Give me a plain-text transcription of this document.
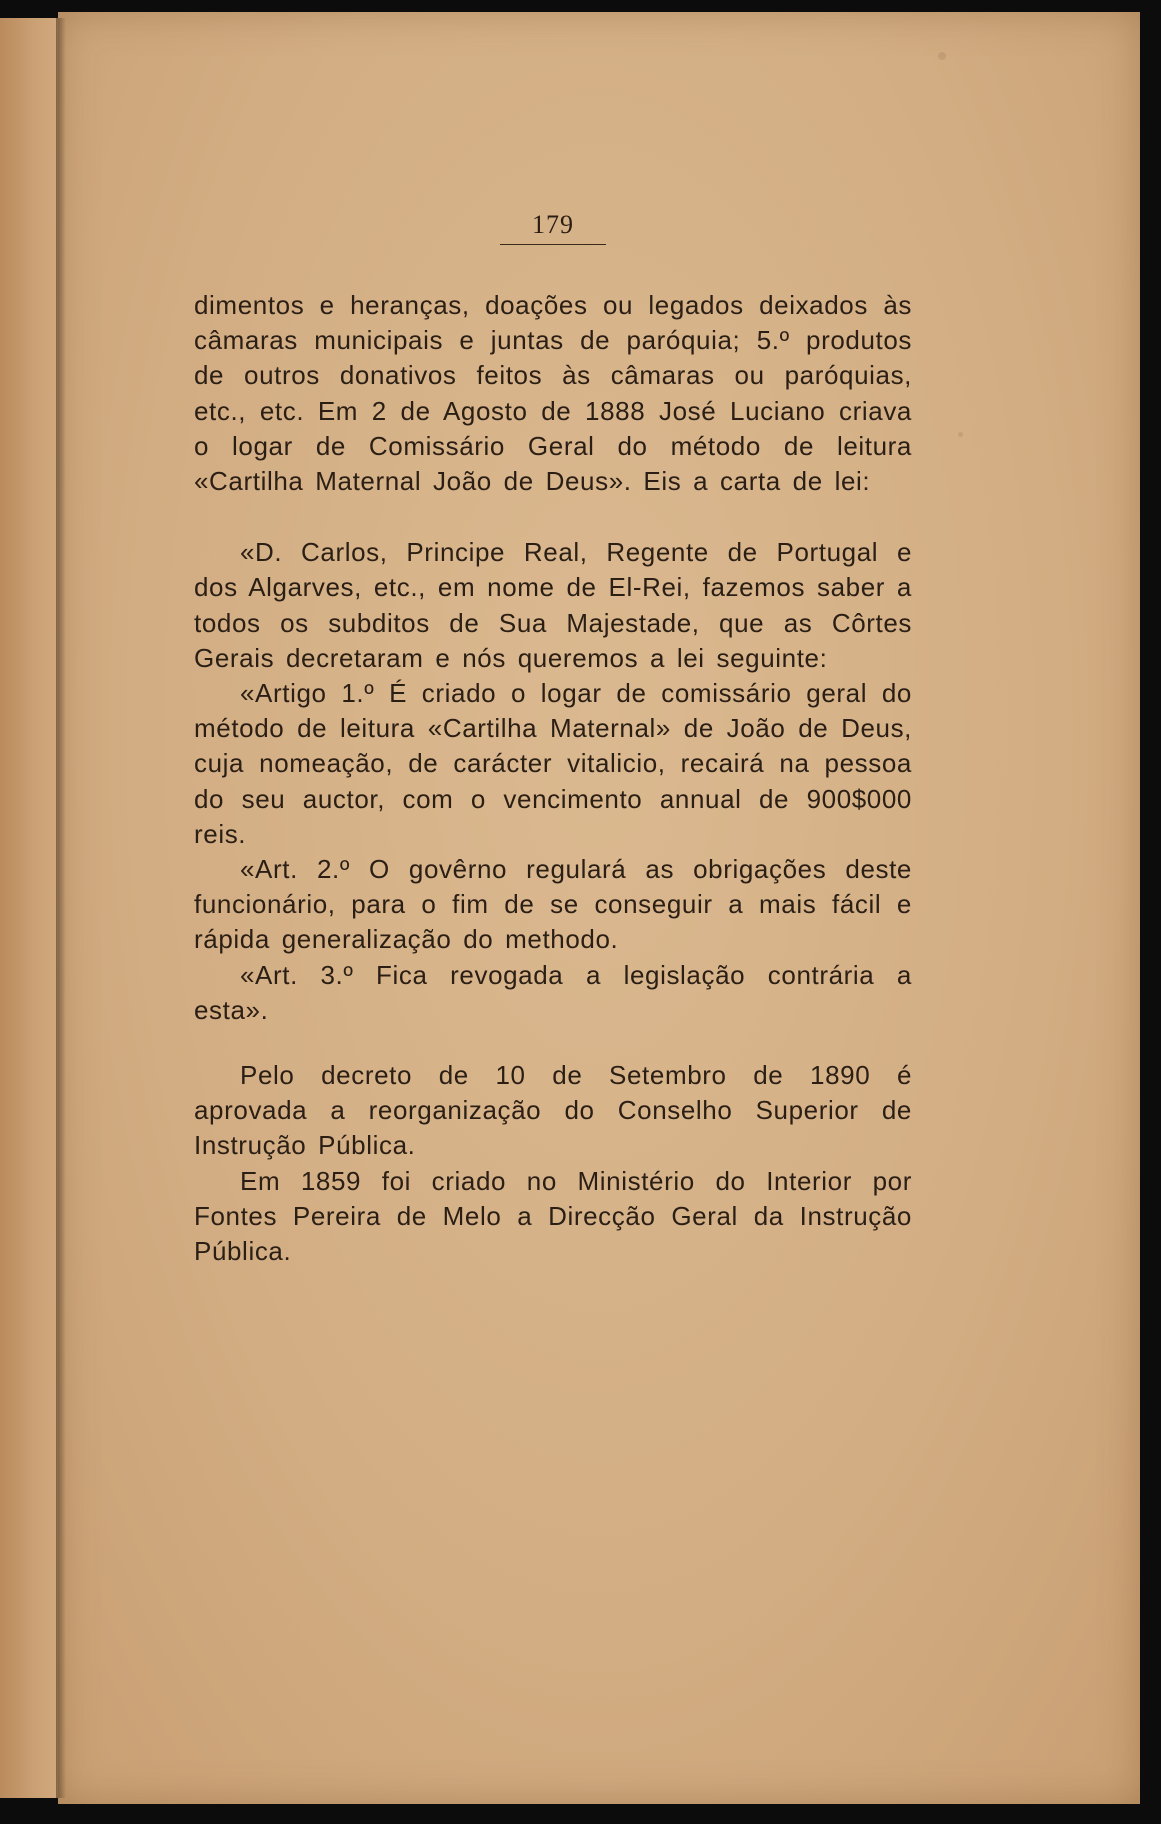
179

dimentos e heranças, doações ou legados deixados às câmaras municipais e juntas de paróquia; 5.º produtos de outros donativos feitos às câmaras ou paróquias, etc., etc. Em 2 de Agosto de 1888 José Luciano criava o logar de Comissário Geral do método de leitura «Cartilha Maternal João de Deus». Eis a carta de lei:

«D. Carlos, Principe Real, Regente de Portugal e dos Algarves, etc., em nome de El-Rei, fazemos saber a todos os subditos de Sua Majestade, que as Côrtes Gerais decretaram e nós queremos a lei seguinte:

«Artigo 1.º É criado o logar de comissário geral do método de leitura «Cartilha Maternal» de João de Deus, cuja nomeação, de carácter vitalicio, recairá na pessoa do seu auctor, com o vencimento annual de 900$000 reis.

«Art. 2.º O govêrno regulará as obrigações deste funcionário, para o fim de se conseguir a mais fácil e rápida generalização do methodo.

«Art. 3.º Fica revogada a legislação contrária a esta».

Pelo decreto de 10 de Setembro de 1890 é aprovada a reorganização do Conselho Superior de Instrução Pública.

Em 1859 foi criado no Ministério do Interior por Fontes Pereira de Melo a Direcção Geral da Instrução Pública.
